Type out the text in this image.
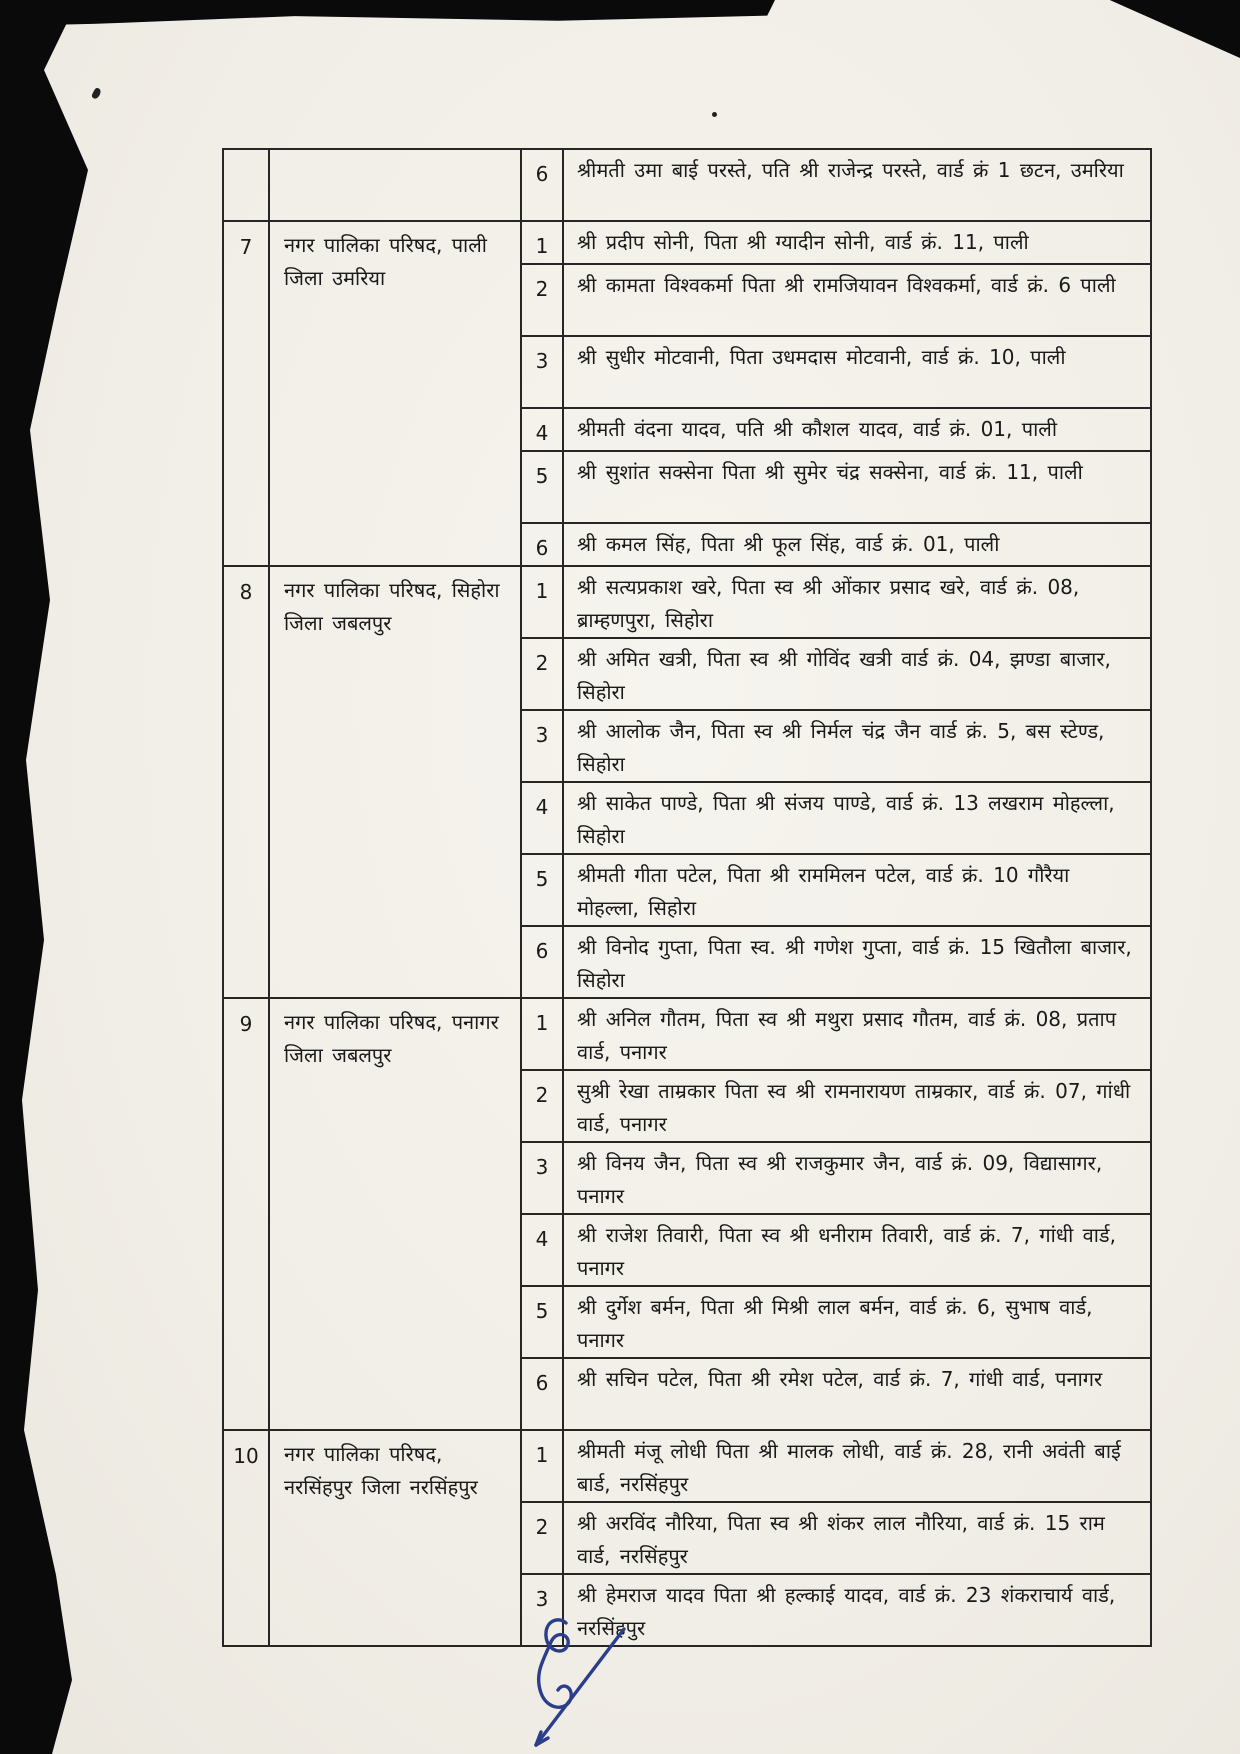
		6	श्रीमती उमा बाई परस्ते, पति श्री राजेन्द्र परस्ते, वार्ड क्रं 1 छटन, उमरिया
7	नगर पालिका परिषद, पाली जिला उमरिया	1	श्री प्रदीप सोनी, पिता श्री ग्यादीन सोनी, वार्ड क्रं. 11, पाली
		2	श्री कामता विश्वकर्मा पिता श्री रामजियावन विश्वकर्मा, वार्ड क्रं. 6 पाली
		3	श्री सुधीर मोटवानी, पिता उधमदास मोटवानी, वार्ड क्रं. 10, पाली
		4	श्रीमती वंदना यादव, पति श्री कौशल यादव, वार्ड क्रं. 01, पाली
		5	श्री सुशांत सक्सेना पिता श्री सुमेर चंद्र सक्सेना, वार्ड क्रं. 11, पाली
		6	श्री कमल सिंह, पिता श्री फूल सिंह, वार्ड क्रं. 01, पाली
8	नगर पालिका परिषद, सिहोरा जिला जबलपुर	1	श्री सत्यप्रकाश खरे, पिता स्व श्री ओंकार प्रसाद खरे, वार्ड क्रं. 08, ब्राम्हणपुरा, सिहोरा
		2	श्री अमित खत्री, पिता स्व श्री गोविंद खत्री वार्ड क्रं. 04, झण्डा बाजार, सिहोरा
		3	श्री आलोक जैन, पिता स्व श्री निर्मल चंद्र जैन वार्ड क्रं. 5, बस स्टेण्ड, सिहोरा
		4	श्री साकेत पाण्डे, पिता श्री संजय पाण्डे, वार्ड क्रं. 13 लखराम मोहल्ला, सिहोरा
		5	श्रीमती गीता पटेल, पिता श्री राममिलन पटेल, वार्ड क्रं. 10 गौरैया मोहल्ला, सिहोरा
		6	श्री विनोद गुप्ता, पिता स्व. श्री गणेश गुप्ता, वार्ड क्रं. 15 खितौला बाजार, सिहोरा
9	नगर पालिका परिषद, पनागर जिला जबलपुर	1	श्री अनिल गौतम, पिता स्व श्री मथुरा प्रसाद गौतम, वार्ड क्रं. 08, प्रताप वार्ड, पनागर
		2	सुश्री रेखा ताम्रकार पिता स्व श्री रामनारायण ताम्रकार, वार्ड क्रं. 07, गांधी वार्ड, पनागर
		3	श्री विनय जैन, पिता स्व श्री राजकुमार जैन, वार्ड क्रं. 09, विद्यासागर, पनागर
		4	श्री राजेश तिवारी, पिता स्व श्री धनीराम तिवारी, वार्ड क्रं. 7, गांधी वार्ड, पनागर
		5	श्री दुर्गेश बर्मन, पिता श्री मिश्री लाल बर्मन, वार्ड क्रं. 6, सुभाष वार्ड, पनागर
		6	श्री सचिन पटेल, पिता श्री रमेश पटेल, वार्ड क्रं. 7, गांधी वार्ड, पनागर
10	नगर पालिका परिषद, नरसिंहपुर जिला नरसिंहपुर	1	श्रीमती मंजू लोधी पिता श्री मालक लोधी, वार्ड क्रं. 28, रानी अवंती बाई बार्ड, नरसिंहपुर
		2	श्री अरविंद नौरिया, पिता स्व श्री शंकर लाल नौरिया, वार्ड क्रं. 15 राम वार्ड, नरसिंहपुर
		3	श्री हेमराज यादव पिता श्री हल्काई यादव, वार्ड क्रं. 23 शंकराचार्य वार्ड, नरसिंहपुर
